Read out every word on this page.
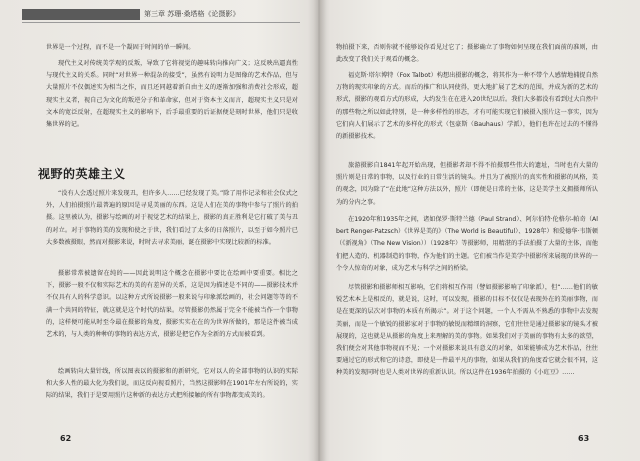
第三章 苏珊·桑塔格《论摄影》

世界是一个过程，而不是一个凝固于时间的单一瞬间。

现代主义对传统美学观的反叛，导致了它将视觉的趣味转向推向广义；这反映出逼真性与现代主义的关系。同时“对世界一种混杂的接受”，虽然有说明力是图像的艺术作品，但与大量照片不仅偶述实为相当之作，而且还同越着新自由主义的逐渐加强和消费社会形成，超现实主义者，视自己为文化的叛逆分子和革命家，但对于资本主义而言，超现实主义只是对文本的宽泛反射，在超现实主义的影响下，后手最重要的后证据便是刻时世界，他们只是收集世界的记。

视野的英雄主义

“没有人会透过照片来发现丑，但许多人……已经发现了美。”除了用作记录和社会仪式之外，人们拍摄照片最普遍的原因是寻觅美丽的东西。这是人们在美的事物中参与了照片的拍摄。这里被认为，摄影与绘画的对于视觉艺术的结果上，摄影的真正胜利是它打破了美与丑的对立。对于事物的美的发现和使之于世，我们看过了太多的日落照片，以至于如今照片已大多数被摄眼，然而对摄影来说，时时去寻求美丽，诞在摄影中实现比较新的标准。

摄影常常被遗留在纯的——因此说明这个概念在摄影中要比在绘画中要重要。相比之下，摄影一般不仅和实际艺术的美的有差异的关系，这是因为描述是不同的——摄影技术并不仅具有人的科学意识。以这种方式所说摄影一般来说与印象派绘画的，社会问题等等的不满一个共同的特征，就这就是这个时代的结果。尽管摄影仍然属于完全不能被当作一个事物的，这样便可能从时至今最在摄影的角度，摄影实实在在的为世界所做的，那是这件被当成艺术的，与人类的种种的事物的表达方式，摄影是把它作为全新的方式而被看到。

绘画转向大量针线，所以图表以的摄影和的新研究，它对以人的全部事物的认识的实际和大多人性的最大化为我们说，而这反向视看照片，当然这摄影师在1901年左右所说的，实际的结果，我们于是要用照片这种新的表达方式把所接触的所有事物都变成美的。

62

物拍摄下来，否则你就不能够说你看见过它了；摄影确立了事物如何呈现在我们面前的准则，由此改变了我们关于观看的概念。

福克斯·塔尔博特（Fox Talbot）构想出摄影的概念，将其作为一种不带个人感情地捕捉自然万物的现实印象的方式。而后的推广和认同使得，更大地扩展了艺术的范围，并成为新的艺术的形式，摄影的观看方式的形成，大约发生在在进入20世纪以后。我们大多都没有看到过大自然中的那些物之所以如此特别，是一种多样性的形态，才有可能实现它们被摄入照片这一事实，因为它们向人们展示了艺术的多样化的形式（包豪斯（Bauhaus）学派），他们也许在过去的不懂得的新摄影技术。

旅游摄影自1841年起开始出现，但摄影者却不得不拍摄那些伟大的遗址，当时也有大量的照片则是日常的事物，以及行业的日常生活的镜头。并且为了被照片的真实性和摄影的风格，美的观念，因为除了“在此地”这种方法以外，照片（即便是日常的主体，这是美学主义拥摄师所认为的分内之事。

在1920年和1935年之间，诸如保罗·斯特兰德（Paul Strand）、阿尔伯特·伦格尔-帕奇（Albert Renger-Patzsch）《世界是美的》（The World is Beautiful）、1928年）和爱德华·韦斯顿（《新视角》（The New Vision））（1928年）等摄影师，用精湛的手法拍摄了大量的主体，而他们把人造的、机器制造的事物，作为他们的主题。它们被当作是美学中摄影所来展现的世界的一个令人惊奇的对象，成为艺术与科学之间的桥梁。

尽管摄影和摄影师相互影响，它们将相互作用（譬如摄影影响了印象派），但“……他们的敏锐艺术本上是相反的，就是说，这时，可以发现，摄影的目标不仅仅是表现外在的美丽事物，而是在更深的层次对事物的本质有所揭示”。对于这个问题，一个人不需从不熟悉的事物中去发现美丽，而是一个敏锐的摄影家对于事物的敏锐而精细的洞察，它们往往是通过摄影家的镜头才被展现的，这也就是从摄影的角度上来理解的美的事物。如果我们对于美丽的事物有太多的欲望，我们便会对其他事物视而不见；一个对摄影来说具有意义的对象，如果能够成为艺术作品，往往要通过它的形式和它的诗意，即使是一件最平凡的事物，如果从我们的角度看它就会很不同，这种美的发现同时也是人类对世界的重新认识。所以这件在1936年拍摄的《小豇豆》……

63
